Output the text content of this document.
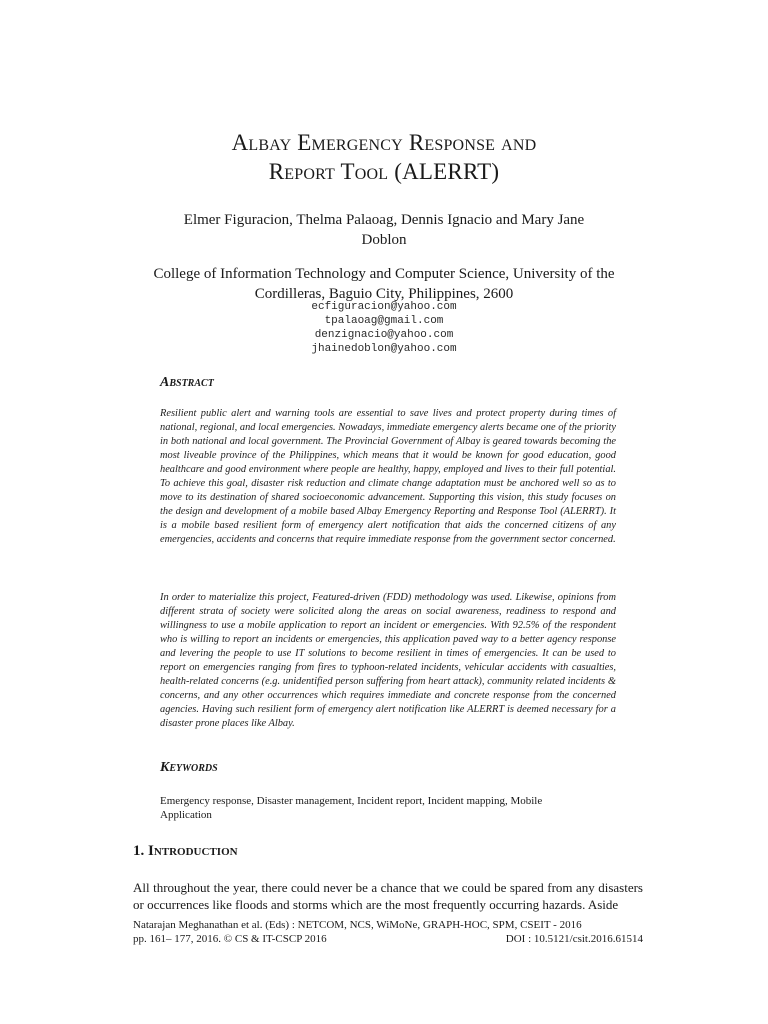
Albay Emergency Response and
Report Tool (ALERRT)
Elmer Figuracion, Thelma Palaoag, Dennis Ignacio and Mary Jane
Doblon
College of Information Technology and Computer Science, University of the
Cordilleras, Baguio City, Philippines, 2600
ecfiguracion@yahoo.com
tpalaoag@gmail.com
denzignacio@yahoo.com
jhainedoblon@yahoo.com
Abstract
Resilient public alert and warning tools are essential to save lives and protect property during times of national, regional, and local emergencies. Nowadays, immediate emergency alerts became one of the priority in both national and local government. The Provincial Government of Albay is geared towards becoming the most liveable province of the Philippines, which means that it would be known for good education, good healthcare and good environment where people are healthy, happy, employed and lives to their full potential. To achieve this goal, disaster risk reduction and climate change adaptation must be anchored well so as to move to its destination of shared socioeconomic advancement. Supporting this vision, this study focuses on the design and development of a mobile based Albay Emergency Reporting and Response Tool (ALERRT). It is a mobile based resilient form of emergency alert notification that aids the concerned citizens of any emergencies, accidents and concerns that require immediate response from the government sector concerned.
In order to materialize this project, Featured-driven (FDD) methodology was used. Likewise, opinions from different strata of society were solicited along the areas on social awareness, readiness to respond and willingness to use a mobile application to report an incident or emergencies. With 92.5% of the respondent who is willing to report an incidents or emergencies, this application paved way to a better agency response and levering the people to use IT solutions to become resilient in times of emergencies. It can be used to report on emergencies ranging from fires to typhoon-related incidents, vehicular accidents with casualties, health-related concerns (e.g. unidentified person suffering from heart attack), community related incidents & concerns, and any other occurrences which requires immediate and concrete response from the concerned agencies. Having such resilient form of emergency alert notification like ALERRT is deemed necessary for a disaster prone places like Albay.
Keywords
Emergency response, Disaster management, Incident report, Incident mapping, Mobile Application
1. Introduction
All throughout the year, there could never be a chance that we could be spared from any disasters or occurrences like floods and storms which are the most frequently occurring hazards. Aside
Natarajan Meghanathan et al. (Eds) : NETCOM, NCS, WiMoNe, GRAPH-HOC, SPM, CSEIT - 2016
pp. 161– 177, 2016. © CS & IT-CSCP 2016	DOI : 10.5121/csit.2016.61514
